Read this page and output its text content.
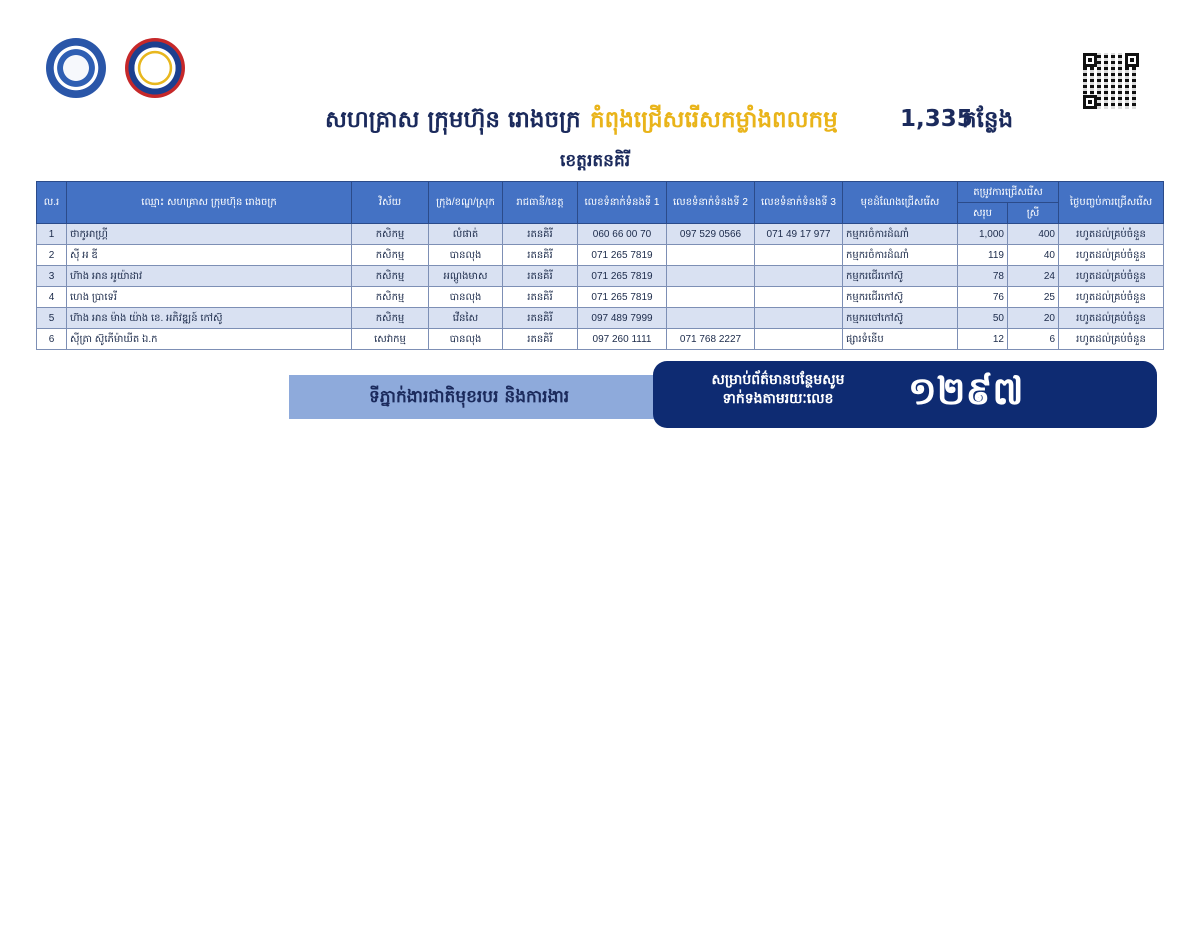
សហគ្រាស ក្រុមហ៊ុន រោងចក្រ កំពុងជ្រើសរើសកម្លាំងពលកម្ម	1,335
កន្លែង
ខេត្តរតនគិរី
ល.រ	ឈ្មោះ សហគ្រាស ក្រុមហ៊ុន រោងចក្រ	វិស័យ	ក្រុង/ខណ្ឌ/ស្រុក	រាជធានី/ខេត្ត	លេខទំនាក់ទំនងទី 1	លេខទំនាក់ទំនងទី 2	លេខទំនាក់ទំនងទី 3	មុខដំណែងជ្រើសរើស	តម្រូវការជ្រើសរើស		ថ្ងៃបញ្ចប់ការជ្រើសរើស
									សរុប	ស្រី	
1	ថាកូអាហ្គ្រី	កសិកម្ម	លំផាត់	រតនគិរី	060 66 00 70	097 529 0566	071 49 17 977	កម្មករចំការដំណាំ	1,000	400	រហូតដល់គ្រប់ចំនួន
2	ស៊ី អ ឌី	កសិកម្ម	បានលុង	រតនគិរី	071 265 7819			កម្មករចំការដំណាំ	119	40	រហូតដល់គ្រប់ចំនួន
3	ហ៊ាង អាន អូយ៉ាដាវ	កសិកម្ម	អណ្ដូងមាស	រតនគិរី	071 265 7819			កម្មករជើរកៅស៊ូ	78	24	រហូតដល់គ្រប់ចំនួន
4	ហេង ប្រាទេរី	កសិកម្ម	បានលុង	រតនគិរី	071 265 7819			កម្មករជើរកៅស៊ូ	76	25	រហូតដល់គ្រប់ចំនួន
5	ហ៊ាង អាន ម៉ាង យ៉ាង ខេ. អភិវឌ្ឍន៍ កៅស៊ូ	កសិកម្ម	វើនសៃ	រតនគិរី	097 489 7999			កម្មករចៅកៅស៊ូ	50	20	រហូតដល់គ្រប់ចំនួន
6	ស៊ីត្រា ស៊ូភើម៉ាឃីត ឯ.ក	សេវាកម្ម	បានលុង	រតនគិរី	097 260 1111	071 768 2227		ផ្សារទំនើប	12	6	រហូតដល់គ្រប់ចំនួន
ទីភ្នាក់ងារជាតិមុខរបរ និងការងារ
សម្រាប់ព័ត៌មានបន្ថែមសូម ទាក់ទងតាមរយៈលេខ	១២៩៧
